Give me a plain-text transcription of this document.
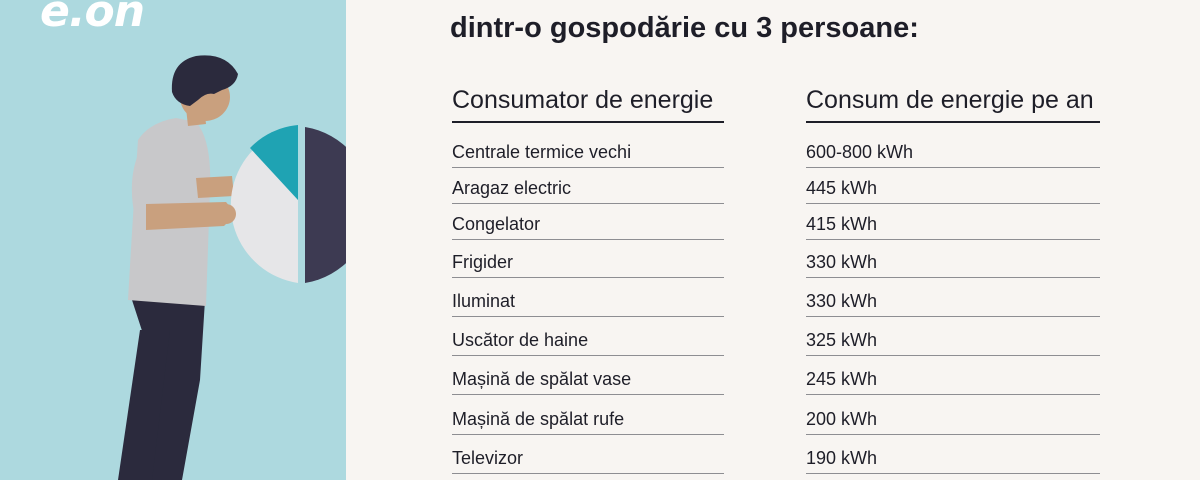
e.on	dintr-o gospodărie cu 3 persoane:
Consumator de energie	Consum de energie pe an
Centrale termice vechi	600-800 kWh
Aragaz electric	445 kWh
Congelator	415 kWh
Frigider	330 kWh
Iluminat	330 kWh
Uscător de haine	325 kWh
Mașină de spălat vase	245 kWh
Mașină de spălat rufe	200 kWh
Televizor	190 kWh
